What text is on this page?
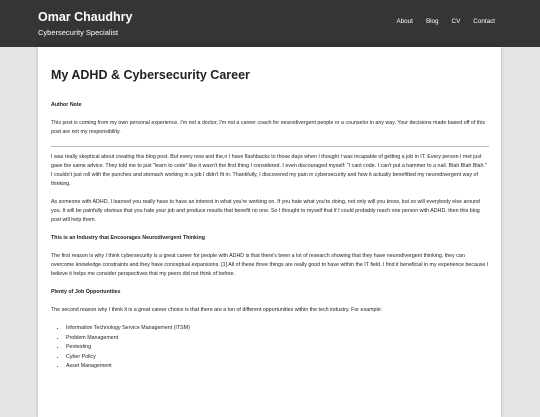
Omar Chaudhry
Cybersecurity Specialist
About Blog CV Contact
My ADHD & Cybersecurity Career
Author Note

This post is coming from my own personal experience. I'm not a doctor, I'm not a career coach for neurodivergent people or a counselor in any way. Your decisions made based off of this post are not my responsibility.

I was really skeptical about creating this blog post. But every now and the,n I have flashbacks to those days when I thought I was incapable of getting a job in IT. Every person I met just gave the same advice. They told me to just "learn to code" like it wasn't the first thing I considered. I even discouraged myself: "I cant code. I can't put a hammer to a nail. Blah Blah Blah." I couldn't just roll with the punches and stomach working in a job I didn't fit in. Thankfully, I discovered my pain in cybersecurity and how it actually benefitted my neurodivergent way of thinking.

As someone with ADHD, I learned you really have to have an interest in what you're working on. If you hate what you're doing, not only will you know, but so will everybody else around you. It will be painfully obvious that you hate your job and produce results that benefit no one. So I thought to myself that if I could probably reach one person with ADHD, then this blog post will help them.

This is an Industry that Encourages Neurodivergent Thinking

The first reason is why I think cybersecurity is a great career for people with ADHD is that there's been a lot of research showing that they have neurodivergent thinking, they can overcome knowledge constraints and they have conceptual expansions. [1] All of these three things are really good to have within the IT field. I find it beneficial in my experience because I believe it helps me consider perspectives that my peers did not think of before.

Plenty of Job Opportunities

The second reason why I think it is a great career choice is that there are a ton of different opportunities within the tech industry. For example:

• Information Technology Service Management (ITSM)
• Problem Management
• Pentesting
• Cyber Policy
• Asset Management
